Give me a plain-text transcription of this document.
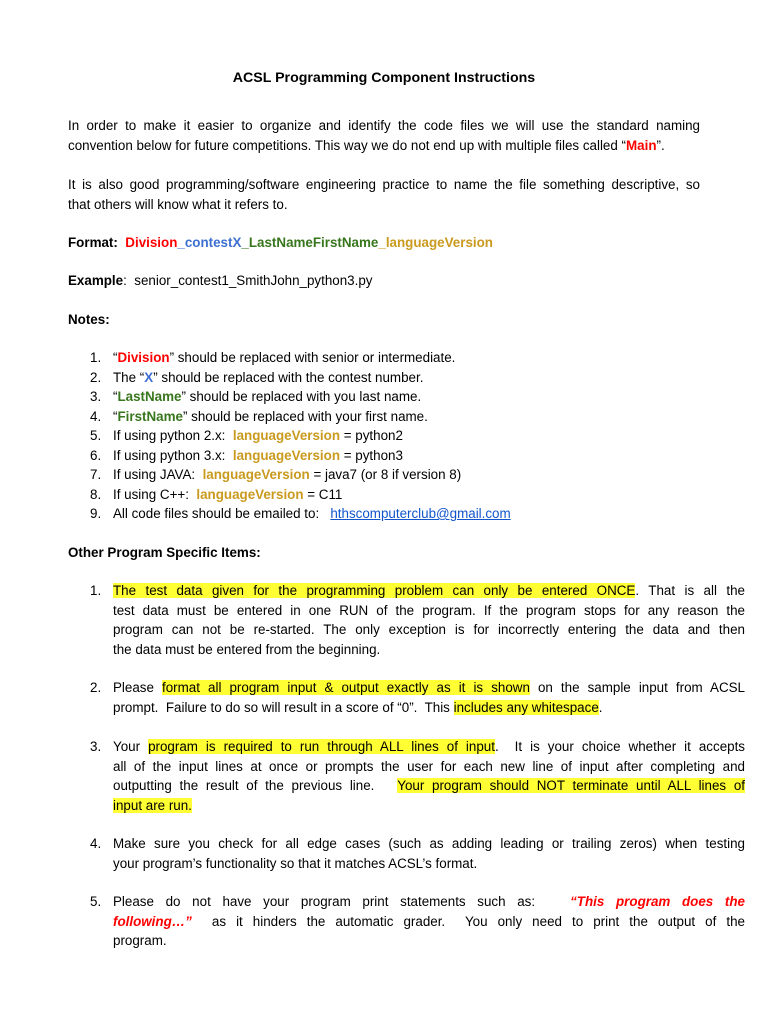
ACSL Programming Component Instructions
In order to make it easier to organize and identify the code files we will use the standard naming
convention below for future competitions. This way we do not end up with multiple files called “Main”.
It is also good programming/software engineering practice to name the file something descriptive, so
that others will know what it refers to.
Format: Division_contestX_LastNameFirstName_languageVersion
Example: senior_contest1_SmithJohn_python3.py
Notes:
1. “Division” should be replaced with senior or intermediate.
2. The “X” should be replaced with the contest number.
3. “LastName” should be replaced with you last name.
4. “FirstName” should be replaced with your first name.
5. If using python 2.x:  languageVersion = python2
6. If using python 3.x:  languageVersion = python3
7. If using JAVA:  languageVersion = java7 (or 8 if version 8)
8. If using C++:  languageVersion = C11
9. All code files should be emailed to:   hthscomputerclub@gmail.com
Other Program Specific Items:
1. The test data given for the programming problem can only be entered ONCE. That is all the
test data must be entered in one RUN of the program. If the program stops for any reason the
program can not be re-started. The only exception is for incorrectly entering the data and then
the data must be entered from the beginning.
2. Please format all program input & output exactly as it is shown on the sample input from ACSL
prompt.  Failure to do so will result in a score of “0”.  This includes any whitespace.
3. Your program is required to run through ALL lines of input.  It is your choice whether it accepts
all of the input lines at once or prompts the user for each new line of input after completing and
outputting the result of the previous line.   Your program should NOT terminate until ALL lines of
input are run.
4. Make sure you check for all edge cases (such as adding leading or trailing zeros) when testing
your program’s functionality so that it matches ACSL’s format.
5. Please do not have your program print statements such as:   “This program does the
following…”  as it hinders the automatic grader.  You only need to print the output of the
program.
